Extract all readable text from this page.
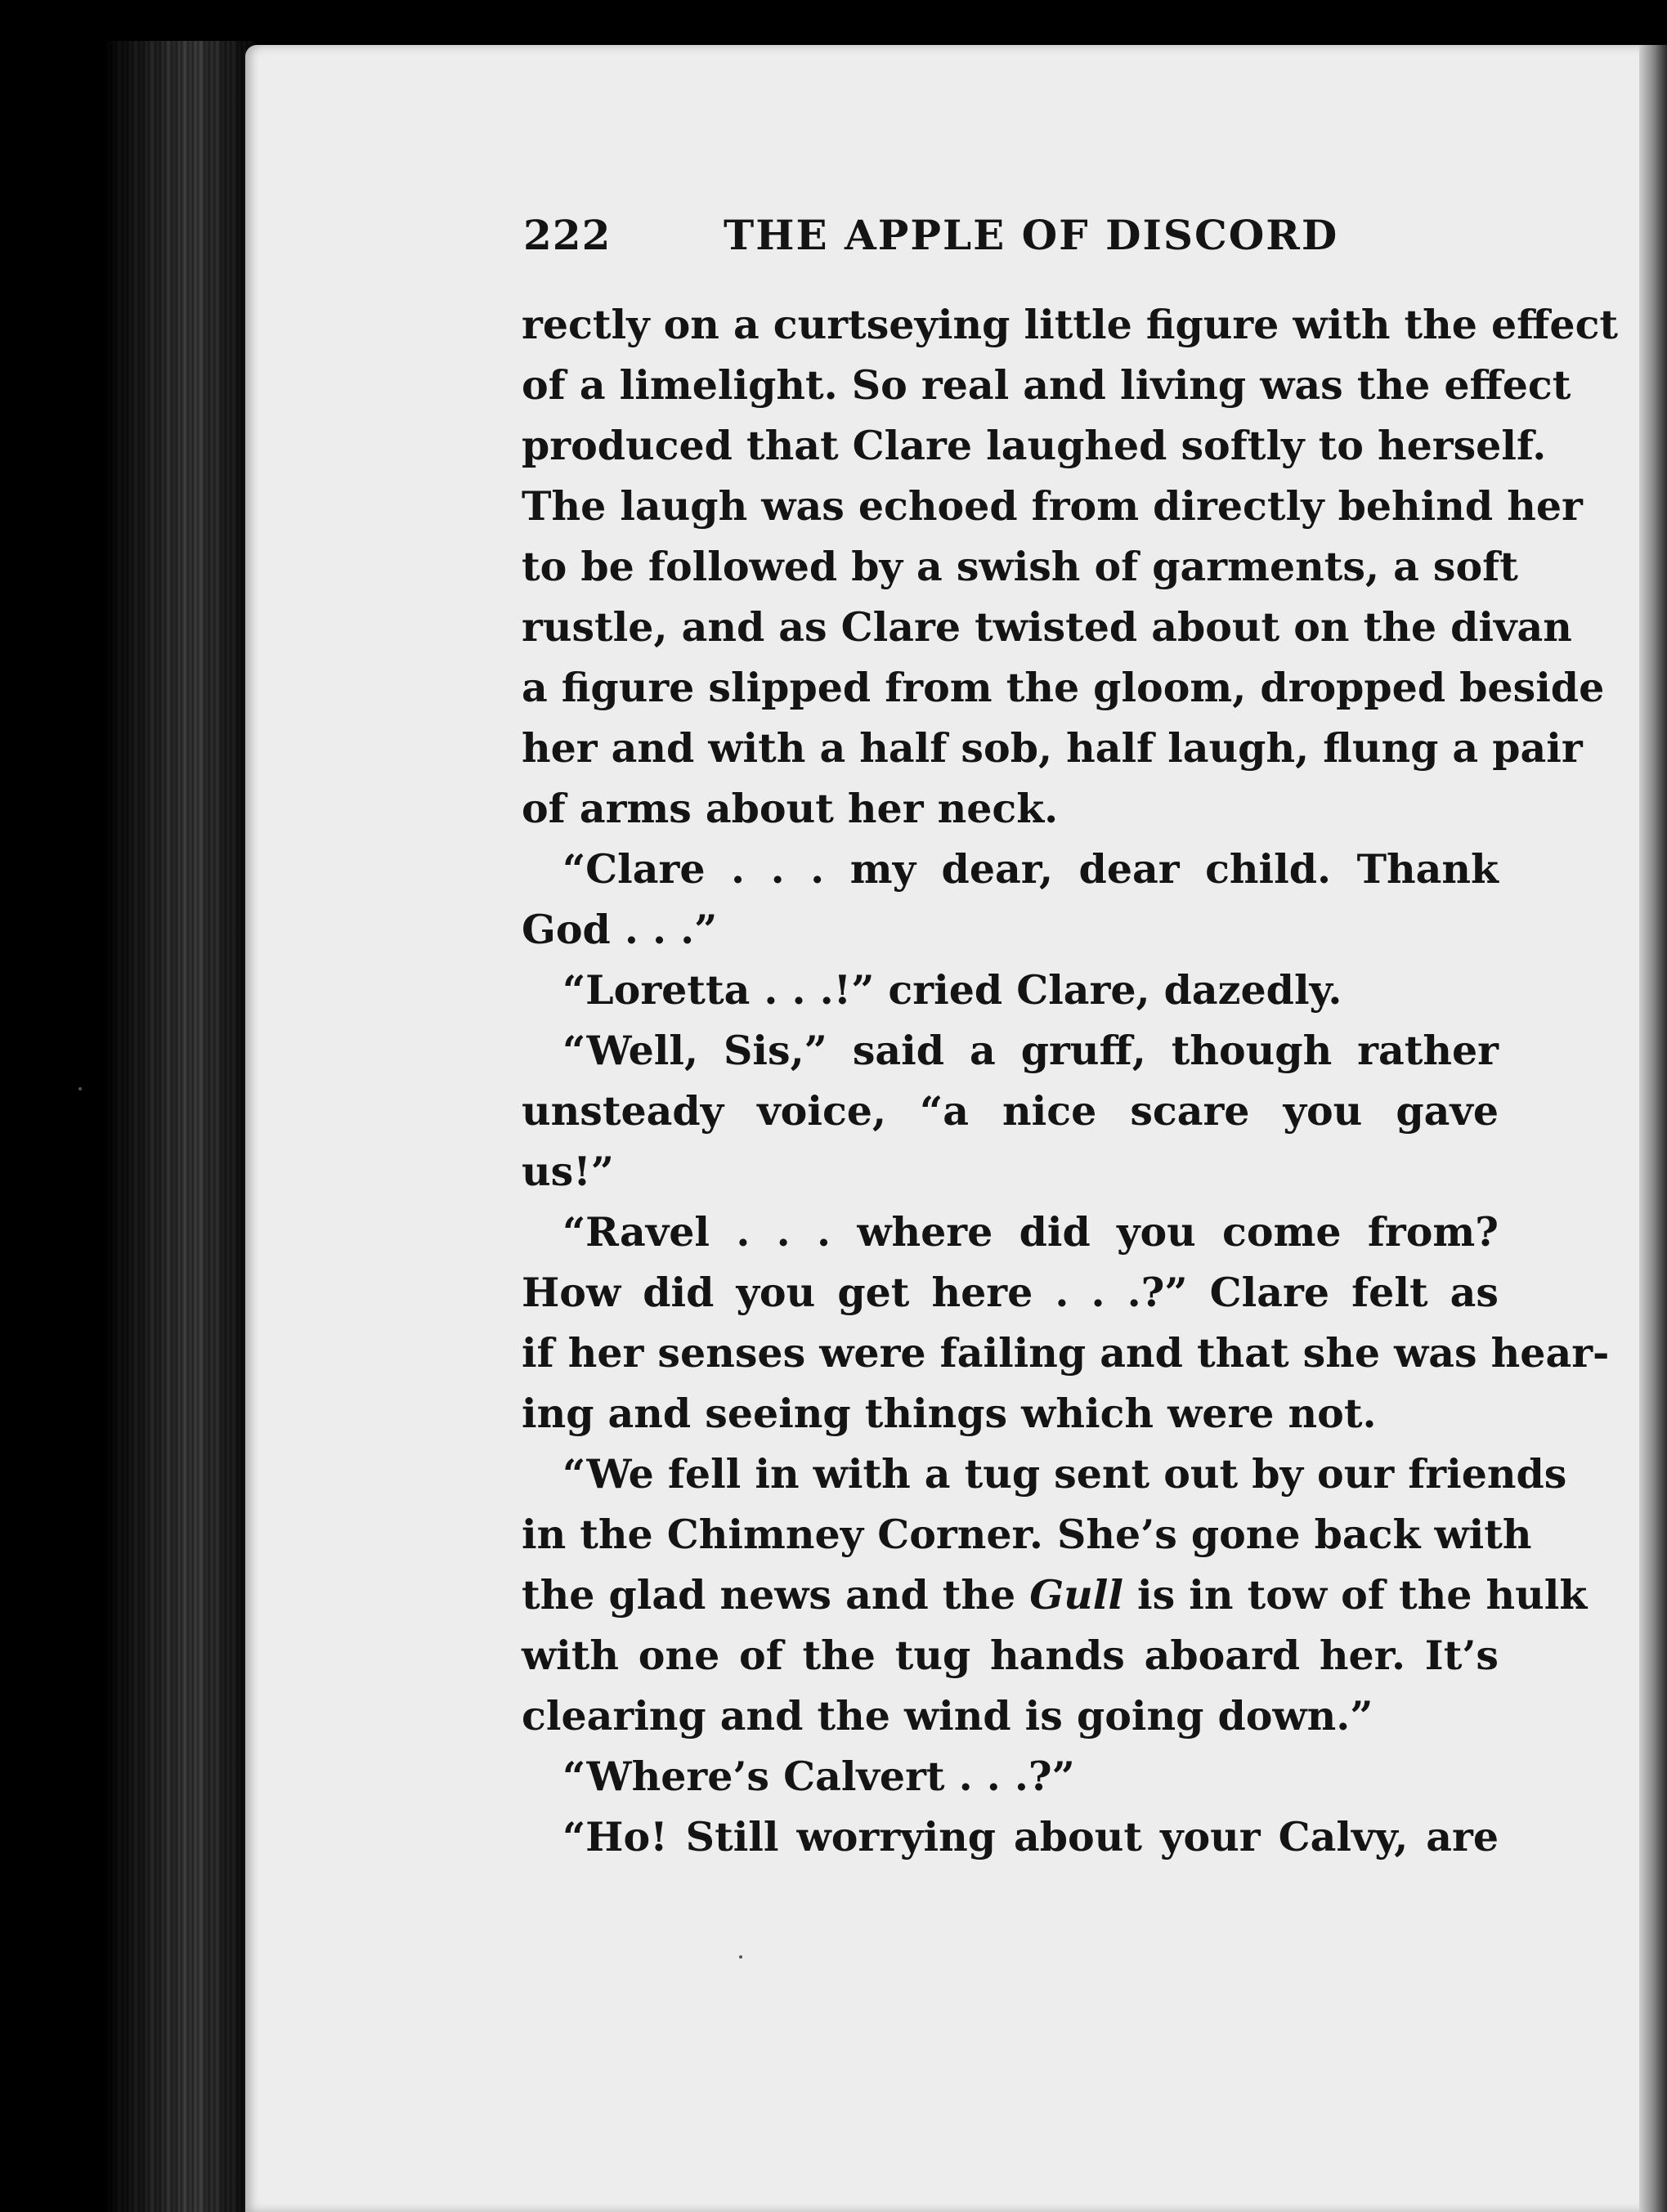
222	THE APPLE OF DISCORD
rectly on a curtseying little figure with the effect
of a limelight. So real and living was the effect
produced that Clare laughed softly to herself.
The laugh was echoed from directly behind her
to be followed by a swish of garments, a soft
rustle, and as Clare twisted about on the divan
a figure slipped from the gloom, dropped beside
her and with a half sob, half laugh, flung a pair
of arms about her neck.
“Clare . . . my dear, dear child. Thank
God . . .”
“Loretta . . .!” cried Clare, dazedly.
“Well, Sis,” said a gruff, though rather
unsteady voice, “a nice scare you gave
us!”
“Ravel . . . where did you come from?
How did you get here . . .?” Clare felt as
if her senses were failing and that she was hear-
ing and seeing things which were not.
“We fell in with a tug sent out by our friends
in the Chimney Corner. She’s gone back with
the glad news and the Gull is in tow of the hulk
with one of the tug hands aboard her. It’s
clearing and the wind is going down.”
“Where’s Calvert . . .?”
“Ho! Still worrying about your Calvy, are
